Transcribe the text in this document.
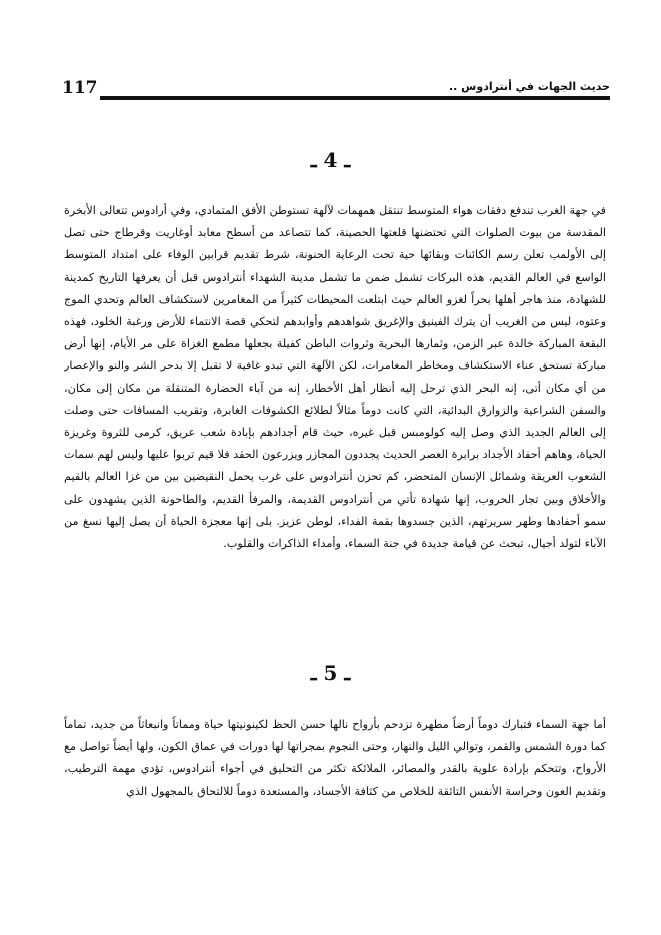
117	حديث الجهات في أنترادوس ..
ـ 4 ـ
في جهة الغرب تندفع دفقات هواء المتوسط تنتقل همهمات لآلهة تستوطن الأفق المتمادي، وفي أرادوس تتعالى الأبخرة المقدسة من بيوت الصلوات التي تحتضنها قلعتها الحصينة، كما تتصاعد من أسطح معابد أوغاريت وقرطاج حتى تصل إلى الأولمب تعلن رسم الكائنات وبقائها حية تحت الرعاية الحنونة، شرط تقديم قرابين الوفاء على امتداد المتوسط الواسع في العالم القديم، هذه البركات تشمل ضمن ما تشمل مدينة الشهداء أنترادوس قبل أن يعرفها التاريخ كمدينة للشهادة، منذ هاجر أهلها بحراً لغزو العالم حيث ابتلعت المحيطات كثيراً من المغامرين لاستكشاف العالم وتحدي الموج وعتوه، ليس من الغريب أن يترك الفينيق والإغريق شواهدهم وأوابدهم لتحكي قصة الانتماء للأرض ورغبة الخلود، فهذه البقعة المباركة خالدة عبر الزمن، وثمارها البحرية وثروات الباطن كفيلة بجعلها مطمع الغزاة على مر الأيام، إنها أرض مباركة تستحق عناء الاستكشاف ومخاطر المغامرات، لكن الآلهة التي تبدو غافية لا تقبل إلا بدحر الشر والنو والإعصار من أي مكان أتى، إنه البحر الذي ترحل إليه أنظار أهل الأخطار، إنه من آباء الحضارة المتنقلة من مكان إلى مكان، والسفن الشراعية والزوارق البدائية، التي كانت دوماً مثالاً لطلائع الكشوفات الغابرة، وتقريب المسافات حتى وصلت إلى العالم الجديد الذي وصل إليه كولومبس قبل غيره، حيث قام أجدادهم بإبادة شعب عريق، كرمى للثروة وغريزة الحياة، وهاهم أحفاد الأجداد برابرة العصر الحديث يجددون المجازر ويزرعون الحقد فلا قيم تربوا عليها وليس لهم سمات الشعوب العريقة وشمائل الإنسان المتحضر، كم تحزن أنترادوس على غرب يحمل النقيضين بين من غزا العالم بالقيم والأخلاق وبين تجار الحروب، إنها شهادة تأتي من أنترادوس القديمة، والمرفأ القديم، والطاحونة الذين يشهدون على سمو أحفادها وطهر سريرتهم، الذين جسدوها بقمة الفداء، لوطن عزيز. بلى إنها معجزة الحياة أن يصل إليها نسغ من الآباء لتولد أجيال، تبحث عن قيامة جديدة في جنة السماء، وأمداء الذاكرات والقلوب.
ـ 5 ـ
أما جهة السماء فتبارك دوماً أرضاً مطهرة تزدحم بأرواح نالها حسن الحظ لكينونيتها حياة ومماتاً وانبعاثاً من جديد، تماماً كما دورة الشمس والقمر، وتوالي الليل والنهار، وحتى النجوم بمجراتها لها دورات في عماق الكون، ولها أيضاً تواصل مع الأرواح، وتتحكم بإرادة علوية بالقدر والمصائر، الملائكة تكثر من التحليق في أجواء أنترادوس، تؤدي مهمة الترطيب، وتقديم العون وحراسة الأنفس التائقة للخلاص من كثافة الأجساد، والمستعدة دوماً للالتحاق بالمجهول الذي
